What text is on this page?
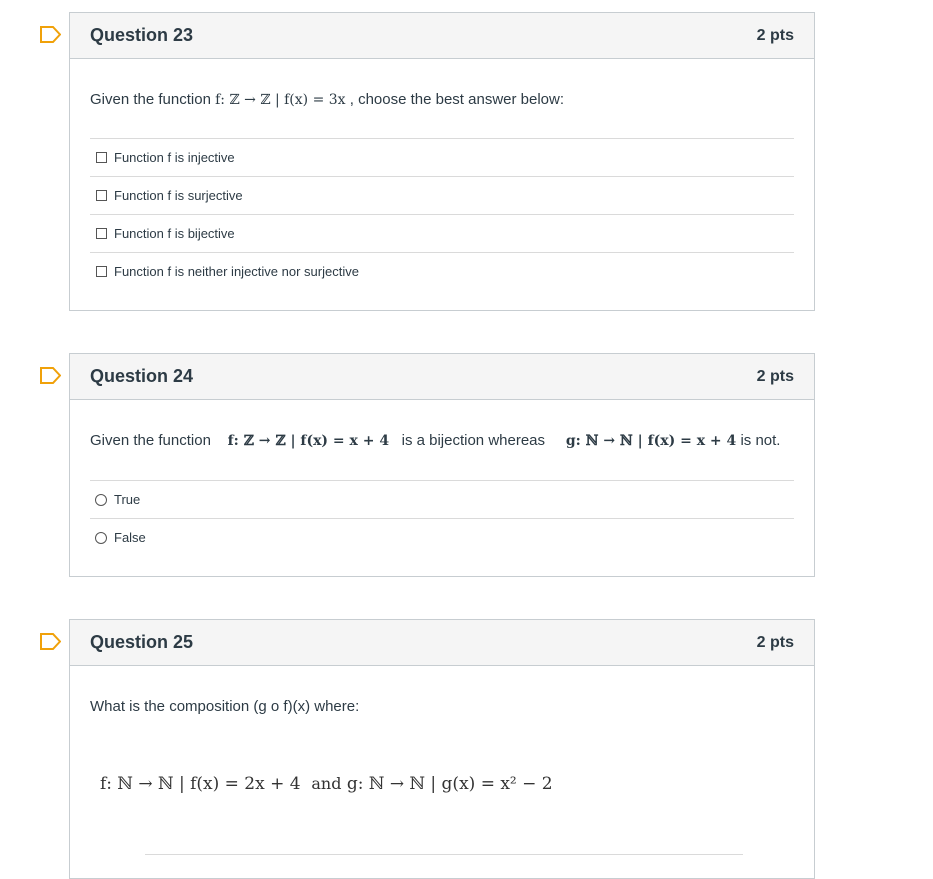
Question 23	2 pts
Given the function f: ℤ → ℤ | f(x) = 3x , choose the best answer below:
Function f is injective
Function f is surjective
Function f is bijective
Function f is neither injective nor surjective
Question 24	2 pts
Given the function f: ℤ → ℤ | f(x) = x + 4 is a bijection whereas g: ℕ → ℕ | f(x) = x + 4 is not.
True
False
Question 25	2 pts
What is the composition (g o f)(x) where:
f: ℕ → ℕ | f(x) = 2x + 4 and g: ℕ → ℕ | g(x) = x² − 2
